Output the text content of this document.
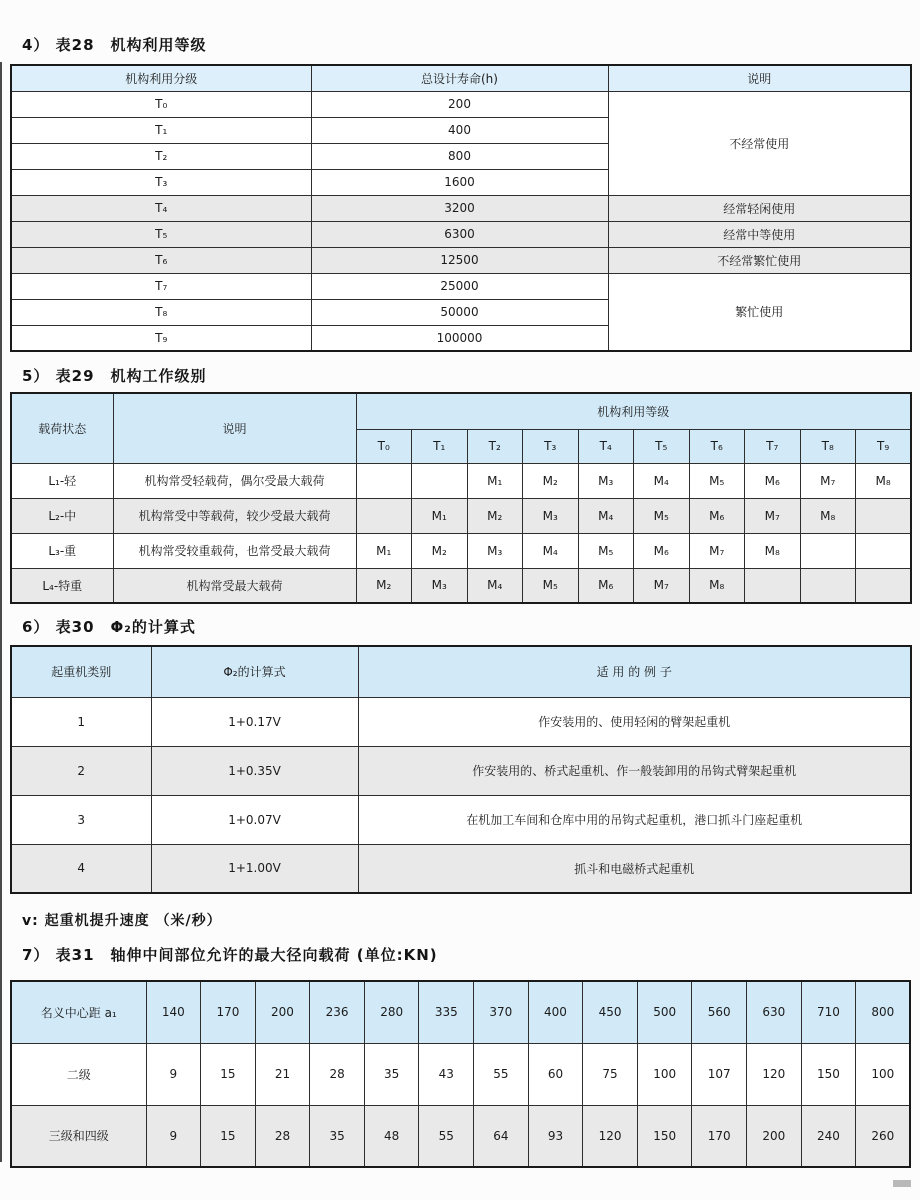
4） 表28　机构利用等级
机构利用分级	总设计寿命(h)	说明
T₀	200	不经常使用
T₁	400	
T₂	800	
T₃	1600	
T₄	3200	经常轻闲使用
T₅	6300	经常中等使用
T₆	12500	不经常繁忙使用
T₇	25000	繁忙使用
T₈	50000	
T₉	100000	
5） 表29　机构工作级别
载荷状态	说明	机构利用等级									
		T₀	T₁	T₂	T₃	T₄	T₅	T₆	T₇	T₈	T₉
L₁-轻	机构常受轻载荷，偶尔受最大载荷			M₁	M₂	M₃	M₄	M₅	M₆	M₇	M₈
L₂-中	机构常受中等载荷，较少受最大载荷		M₁	M₂	M₃	M₄	M₅	M₆	M₇	M₈	
L₃-重	机构常受较重载荷，也常受最大载荷	M₁	M₂	M₃	M₄	M₅	M₆	M₇	M₈		
L₄-特重	机构常受最大载荷	M₂	M₃	M₄	M₅	M₆	M₇	M₈			
6） 表30　Φ₂的计算式
起重机类别	Φ₂的计算式	适 用 的 例 子
1	1+0.17V	作安装用的、使用轻闲的臂架起重机
2	1+0.35V	作安装用的、桥式起重机、作一般装卸用的吊钩式臂架起重机
3	1+0.07V	在机加工车间和仓库中用的吊钩式起重机，港口抓斗门座起重机
4	1+1.00V	抓斗和电磁桥式起重机
v: 起重机提升速度 （米/秒）
7） 表31　轴伸中间部位允许的最大径向载荷 (单位:KN)
名义中心距 a₁	140	170	200	236	280	335	370	400	450	500	560	630	710	800
二级	9	15	21	28	35	43	55	60	75	100	107	120	150	100
三级和四级	9	15	28	35	48	55	64	93	120	150	170	200	240	260
